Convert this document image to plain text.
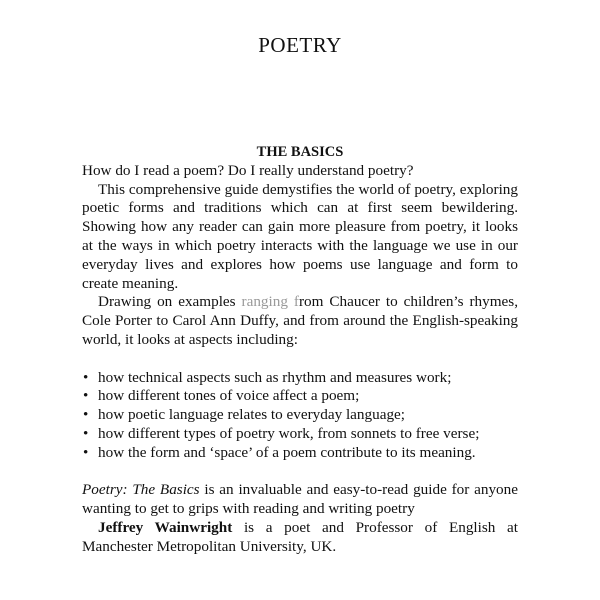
POETRY
THE BASICS
How do I read a poem? Do I really understand poetry?
This comprehensive guide demystifies the world of poetry, exploring poetic forms and traditions which can at first seem bewildering. Showing how any reader can gain more pleasure from poetry, it looks at the ways in which poetry interacts with the language we use in our everyday lives and explores how poems use language and form to create meaning.
Drawing on examples ranging from Chaucer to children’s rhymes, Cole Porter to Carol Ann Duffy, and from around the English-speaking world, it looks at aspects including:
• how technical aspects such as rhythm and measures work;
• how different tones of voice affect a poem;
• how poetic language relates to everyday language;
• how different types of poetry work, from sonnets to free verse;
• how the form and ‘space’ of a poem contribute to its meaning.
Poetry: The Basics is an invaluable and easy-to-read guide for anyone wanting to get to grips with reading and writing poetry
Jeffrey Wainwright is a poet and Professor of English at Manchester Metropolitan University, UK.
